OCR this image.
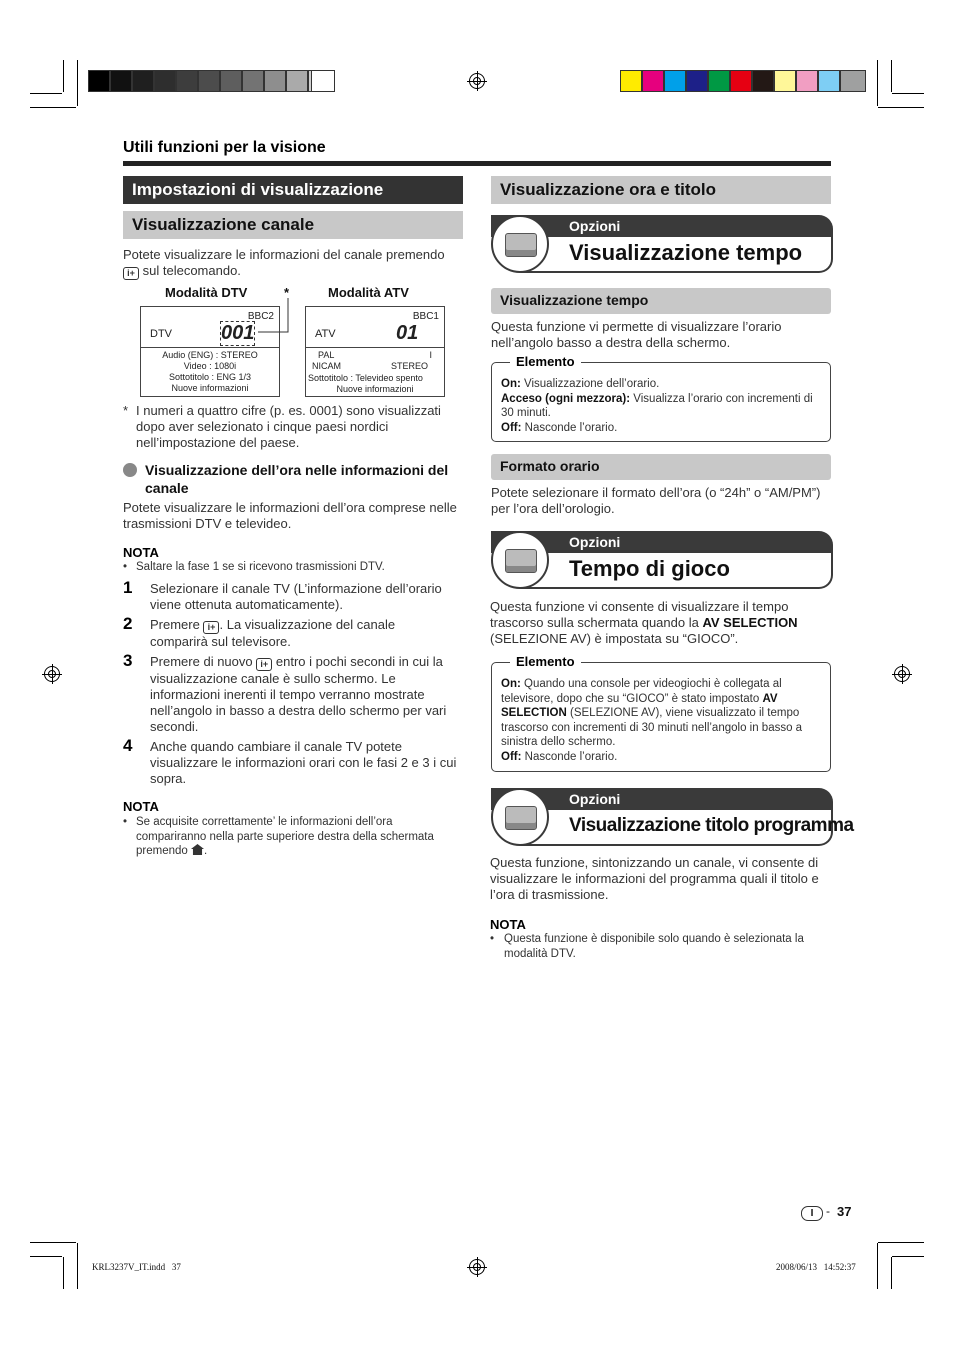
Utili funzioni per la visione
Impostazioni di visualizzazione
Visualizzazione canale
Potete visualizzare le informazioni del canale premendo
i+ sul telecomando.
Modalità DTV	*	Modalità ATV
BBC2
DTV 001
Audio (ENG) : STEREO
Video : 1080i
Sottotitolo : ENG 1/3
Nuove informazioni
BBC1
ATV	01
PAL	I
NICAM	STEREO
Sottotitolo : Televideo spento
Nuove informazioni
* I numeri a quattro cifre (p. es. 0001) sono visualizzati dopo aver selezionato i cinque paesi nordici nell’impostazione del paese.
Visualizzazione dell’ora nelle informazioni del canale
Potete visualizzare le informazioni dell’ora comprese nelle trasmissioni DTV e televideo.
NOTA
• Saltare la fase 1 se si ricevono trasmissioni DTV.
1 Selezionare il canale TV (L’informazione dell’orario viene ottenuta automaticamente).
2 Premere i+ . La visualizzazione del canale comparirà sul televisore.
3 Premere di nuovo i+ entro i pochi secondi in cui la visualizzazione canale è sullo schermo. Le informazioni inerenti il tempo verranno mostrate nell’angolo in basso a destra dello schermo per vari secondi.
4 Anche quando cambiare il canale TV potete visualizzare le informazioni orari con le fasi 2 e 3 i cui sopra.
NOTA
• Se acquisite correttamente’ le informazioni dell’ora compariranno nella parte superiore destra della schermata premendo .
Visualizzazione ora e titolo
Opzioni
Visualizzazione tempo
Visualizzazione tempo
Questa funzione vi permette di visualizzare l’orario nell’angolo basso a destra della schermo.
Elemento
On: Visualizzazione dell’orario.
Acceso (ogni mezzora): Visualizza l’orario con incrementi di 30 minuti.
Off: Nasconde l’orario.
Formato orario
Potete selezionare il formato dell’ora (o “24h” o “AM/PM”) per l’ora dell’orologio.
Opzioni
Tempo di gioco
Questa funzione vi consente di visualizzare il tempo trascorso sulla schermata quando la AV SELECTION (SELEZIONE AV) è impostata su “GIOCO”.
Elemento
On: Quando una console per videogiochi è collegata al televisore, dopo che su “GIOCO” è stato impostato AV SELECTION (SELEZIONE AV), viene visualizzato il tempo trascorso con incrementi di 30 minuti nell’angolo in basso a sinistra dello schermo.
Off: Nasconde l’orario.
Opzioni
Visualizzazione titolo programma
Questa funzione, sintonizzando un canale, vi consente di visualizzare le informazioni del programma quali il titolo e l’ora di trasmissione.
NOTA
• Questa funzione è disponibile solo quando è selezionata la modalità DTV.
I	- 37
KRL3237V_IT.indd   37	2008/06/13   14:52:37
